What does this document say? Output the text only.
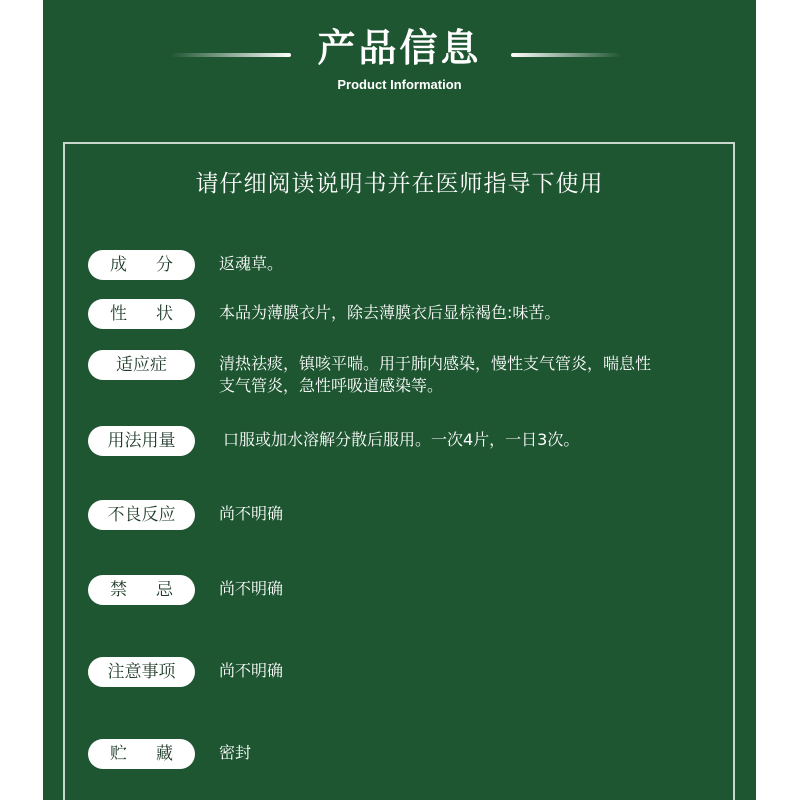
产品信息
Product Information
请仔细阅读说明书并在医师指导下使用
成 分	返魂草。
性 状	本品为薄膜衣片，除去薄膜衣后显棕褐色:味苦。
适应症	清热祛痰，镇咳平喘。用于肺内感染，慢性支气管炎，喘息性
支气管炎，急性呼吸道感染等。
用法用量	口服或加水溶解分散后服用。一次4片，一日3次。
不良反应	尚不明确
禁 忌	尚不明确
注意事项	尚不明确
贮 藏	密封
